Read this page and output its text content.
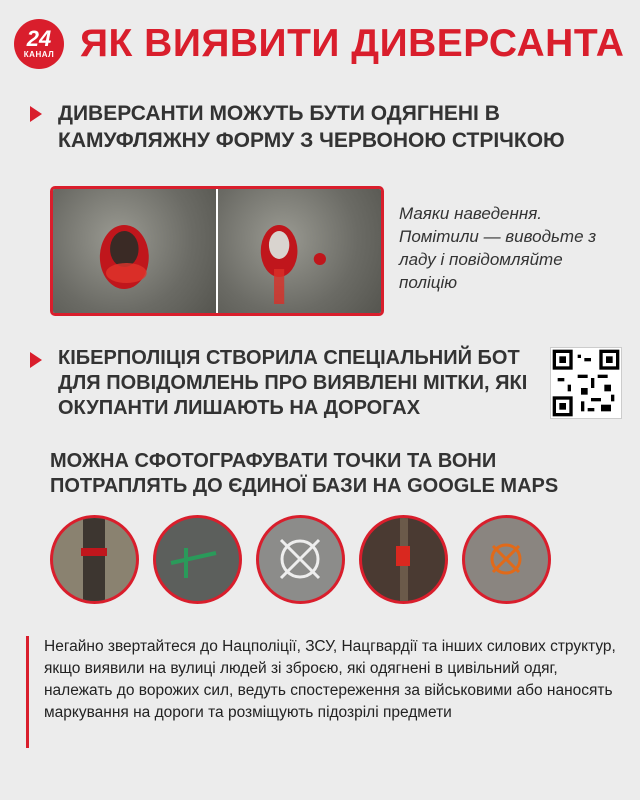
24
КАНАЛ ЯК ВИЯВИТИ ДИВЕРСАНТА
ДИВЕРСАНТИ МОЖУТЬ БУТИ ОДЯГНЕНІ В КАМУФЛЯЖНУ ФОРМУ З ЧЕРВОНОЮ СТРІЧКОЮ
Маяки наведення. Помітили — виводьте з ладу і повідомляйте поліцію
КІБЕРПОЛІЦІЯ СТВОРИЛА СПЕЦІАЛЬНИЙ БОТ ДЛЯ ПОВІДОМЛЕНЬ ПРО ВИЯВЛЕНІ МІТКИ, ЯКІ ОКУПАНТИ ЛИШАЮТЬ НА ДОРОГАХ
МОЖНА СФОТОГРАФУВАТИ ТОЧКИ ТА ВОНИ ПОТРАПЛЯТЬ ДО ЄДИНОЇ БАЗИ НА GOOGLE MAPS
Негайно звертайтеся до Нацполіції, ЗСУ, Нацгвардії та інших силових структур, якщо виявили на вулиці людей зі зброєю, які одягнені в цивільний одяг, належать до ворожих сил, ведуть спостереження за військовими або наносять маркування на дороги та розміщують підозрілі предмети
